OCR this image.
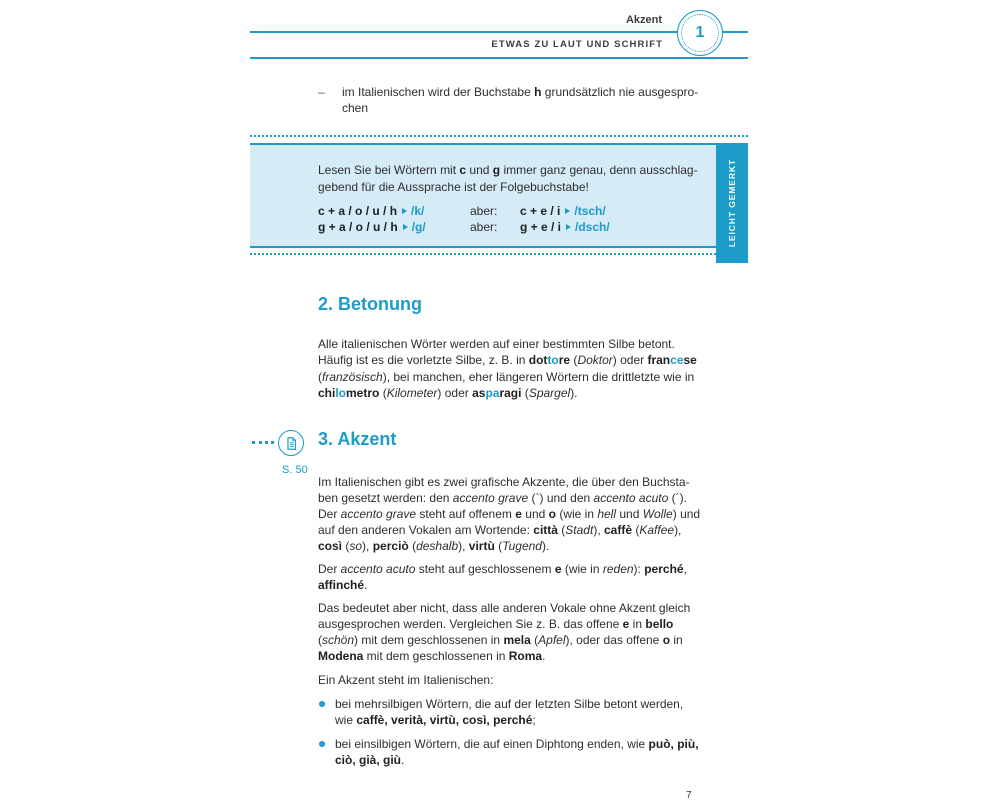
Akzent
ETWAS ZU LAUT UND SCHRIFT
1
– im Italienischen wird der Buchstabe h grundsätzlich nie ausgespro-
chen
Lesen Sie bei Wörtern mit c und g immer ganz genau, denn ausschlag-
gebend für die Aussprache ist der Folgebuchstabe!
c + a / o / u / h /k/	aber: c + e / i /tsch/
g + a / o / u / h /g/	aber: g + e / i /dsch/	LEICHT GEMERKT
2. Betonung
Alle italienischen Wörter werden auf einer bestimmten Silbe betont.
Häufig ist es die vorletzte Silbe, z. B. in dottore (Doktor) oder francese
(französisch), bei manchen, eher längeren Wörtern die drittletzte wie in
chilometro (Kilometer) oder asparagi (Spargel).
S. 50
3. Akzent
Im Italienischen gibt es zwei grafische Akzente, die über den Buchsta-
ben gesetzt werden: den accento grave (`) und den accento acuto (´).
Der accento grave steht auf offenem e und o (wie in hell und Wolle) und
auf den anderen Vokalen am Wortende: città (Stadt), caffè (Kaffee),
così (so), perciò (deshalb), virtù (Tugend).
Der accento acuto steht auf geschlossenem e (wie in reden): perché,
affinché.
Das bedeutet aber nicht, dass alle anderen Vokale ohne Akzent gleich
ausgesprochen werden. Vergleichen Sie z. B. das offene e in bello
(schön) mit dem geschlossenen in mela (Apfel), oder das offene o in
Modena mit dem geschlossenen in Roma.
Ein Akzent steht im Italienischen:
bei mehrsilbigen Wörtern, die auf der letzten Silbe betont werden,
wie caffè, verità, virtù, così, perché;
bei einsilbigen Wörtern, die auf einen Diphtong enden, wie può, più,
ciò, già, giù.
7
